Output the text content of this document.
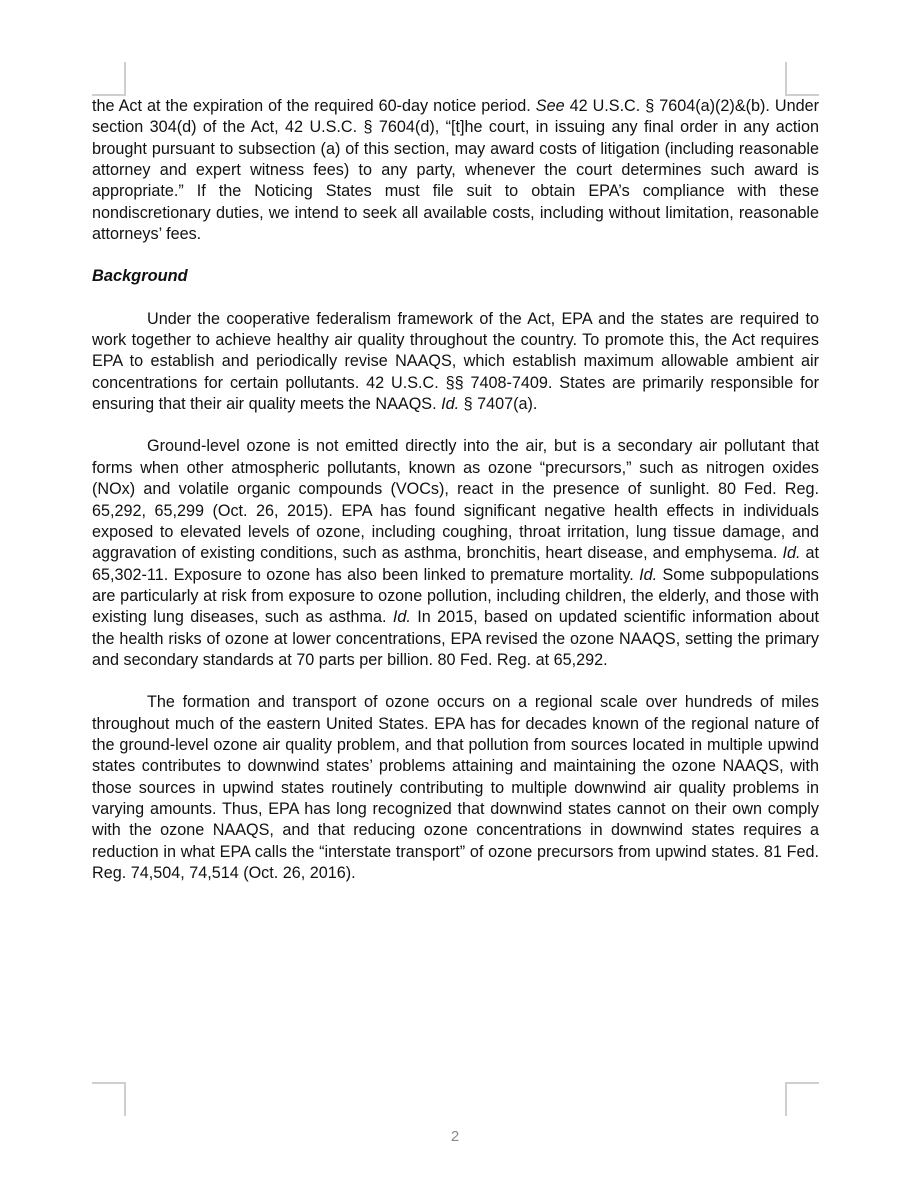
the Act at the expiration of the required 60-day notice period. See 42 U.S.C. § 7604(a)(2)&(b). Under section 304(d) of the Act, 42 U.S.C. § 7604(d), “[t]he court, in issuing any final order in any action brought pursuant to subsection (a) of this section, may award costs of litigation (including reasonable attorney and expert witness fees) to any party, whenever the court determines such award is appropriate.” If the Noticing States must file suit to obtain EPA’s compliance with these nondiscretionary duties, we intend to seek all available costs, including without limitation, reasonable attorneys’ fees.

Background

Under the cooperative federalism framework of the Act, EPA and the states are required to work together to achieve healthy air quality throughout the country. To promote this, the Act requires EPA to establish and periodically revise NAAQS, which establish maximum allowable ambient air concentrations for certain pollutants. 42 U.S.C. §§ 7408-7409. States are primarily responsible for ensuring that their air quality meets the NAAQS. Id. § 7407(a).

Ground-level ozone is not emitted directly into the air, but is a secondary air pollutant that forms when other atmospheric pollutants, known as ozone “precursors,” such as nitrogen oxides (NOx) and volatile organic compounds (VOCs), react in the presence of sunlight. 80 Fed. Reg. 65,292, 65,299 (Oct. 26, 2015). EPA has found significant negative health effects in individuals exposed to elevated levels of ozone, including coughing, throat irritation, lung tissue damage, and aggravation of existing conditions, such as asthma, bronchitis, heart disease, and emphysema. Id. at 65,302-11. Exposure to ozone has also been linked to premature mortality. Id. Some subpopulations are particularly at risk from exposure to ozone pollution, including children, the elderly, and those with existing lung diseases, such as asthma. Id. In 2015, based on updated scientific information about the health risks of ozone at lower concentrations, EPA revised the ozone NAAQS, setting the primary and secondary standards at 70 parts per billion. 80 Fed. Reg. at 65,292.

The formation and transport of ozone occurs on a regional scale over hundreds of miles throughout much of the eastern United States. EPA has for decades known of the regional nature of the ground-level ozone air quality problem, and that pollution from sources located in multiple upwind states contributes to downwind states’ problems attaining and maintaining the ozone NAAQS, with those sources in upwind states routinely contributing to multiple downwind air quality problems in varying amounts. Thus, EPA has long recognized that downwind states cannot on their own comply with the ozone NAAQS, and that reducing ozone concentrations in downwind states requires a reduction in what EPA calls the “interstate transport” of ozone precursors from upwind states. 81 Fed. Reg. 74,504, 74,514 (Oct. 26, 2016).

2
